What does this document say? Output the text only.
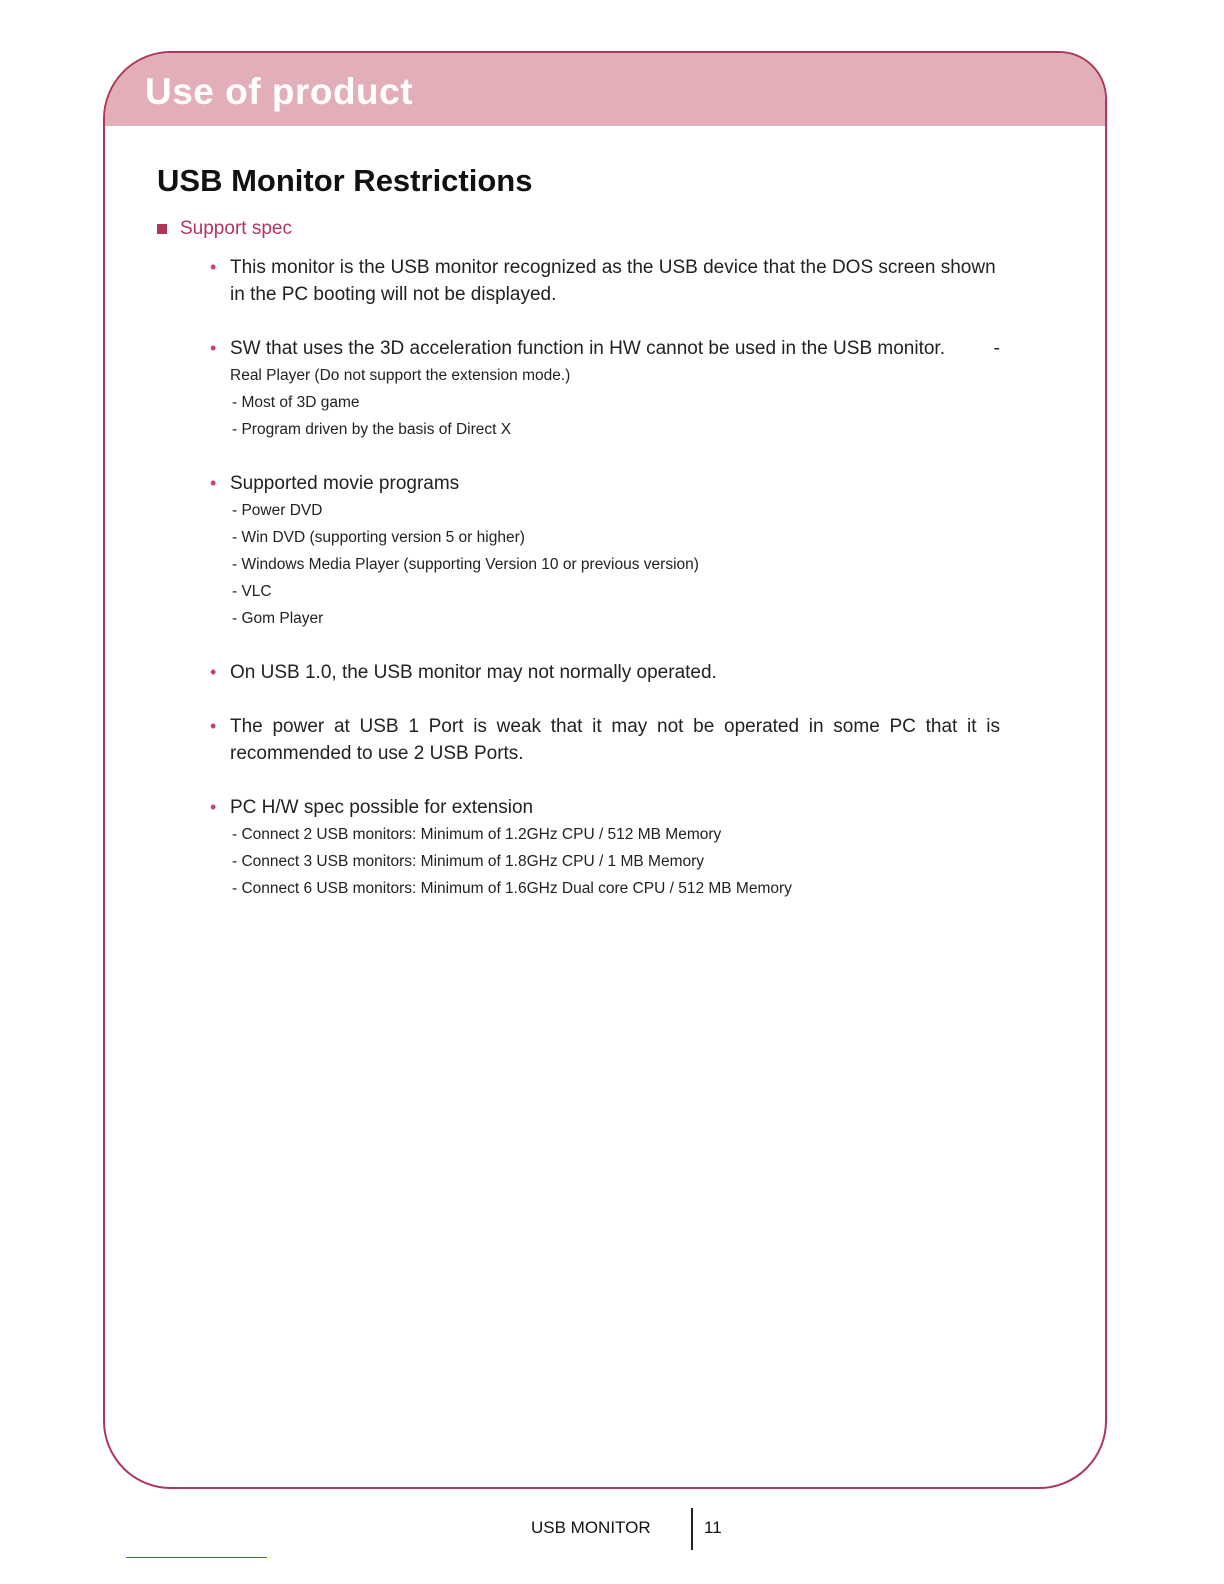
Use of product
USB Monitor Restrictions
Support spec
• This monitor is the USB monitor recognized as the USB device that the DOS screen shown in the PC booting will not be displayed.
• SW that uses the 3D acceleration function in HW cannot be used in the USB monitor.	-
Real Player (Do not support the extension mode.)
- Most of 3D game
- Program driven by the basis of Direct X
• Supported movie programs
- Power DVD
- Win DVD (supporting version 5 or higher)
- Windows Media Player (supporting Version 10 or previous version)
- VLC
- Gom Player
• On USB 1.0, the USB monitor may not normally operated.
• The power at USB 1 Port is weak that it may not be operated in some PC that it is recommended to use 2 USB Ports.
• PC H/W spec possible for extension
- Connect 2 USB monitors: Minimum of 1.2GHz CPU / 512 MB Memory
- Connect 3 USB monitors: Minimum of 1.8GHz CPU / 1 MB Memory
- Connect 6 USB monitors: Minimum of 1.6GHz Dual core CPU / 512 MB Memory
USB MONITOR	11
